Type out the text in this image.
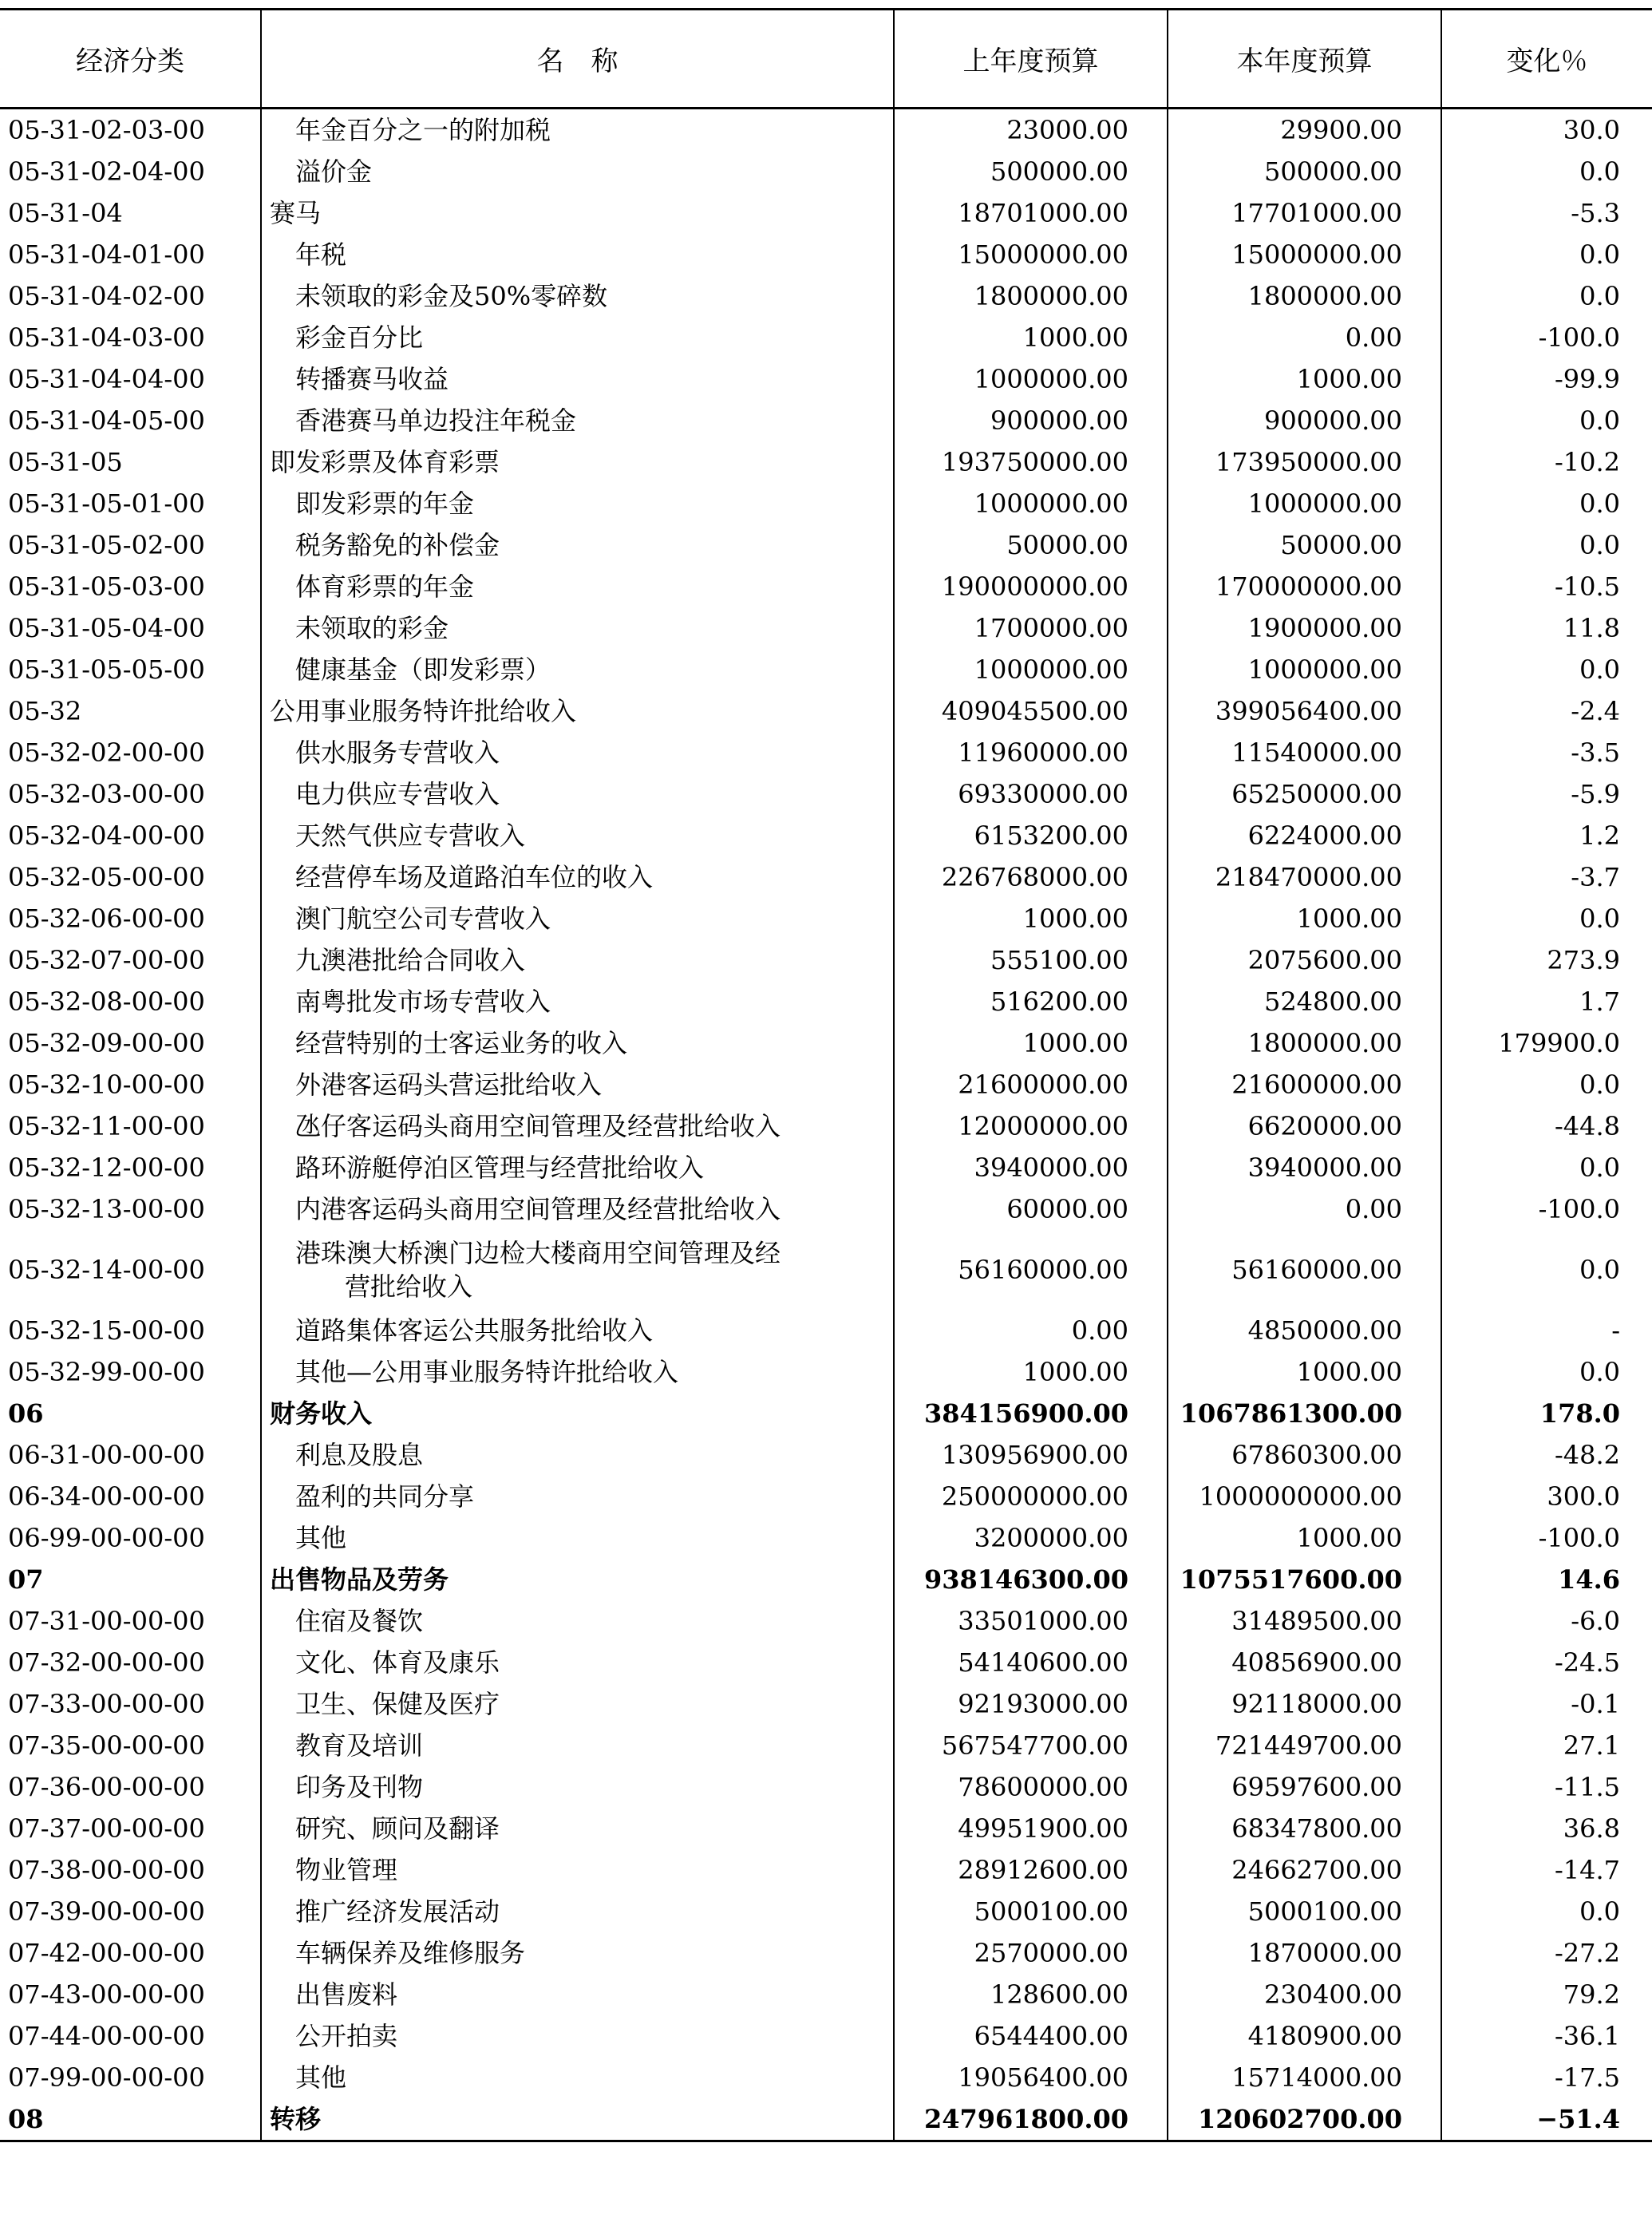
经济分类	名　称	上年度预算	本年度预算	变化％
05-31-02-03-00	年金百分之一的附加税	23000.00	29900.00	30.0
05-31-02-04-00	溢价金	500000.00	500000.00	0.0
05-31-04	赛马	18701000.00	17701000.00	-5.3
05-31-04-01-00	年税	15000000.00	15000000.00	0.0
05-31-04-02-00	未领取的彩金及50%零碎数	1800000.00	1800000.00	0.0
05-31-04-03-00	彩金百分比	1000.00	0.00	-100.0
05-31-04-04-00	转播赛马收益	1000000.00	1000.00	-99.9
05-31-04-05-00	香港赛马单边投注年税金	900000.00	900000.00	0.0
05-31-05	即发彩票及体育彩票	193750000.00	173950000.00	-10.2
05-31-05-01-00	即发彩票的年金	1000000.00	1000000.00	0.0
05-31-05-02-00	税务豁免的补偿金	50000.00	50000.00	0.0
05-31-05-03-00	体育彩票的年金	190000000.00	170000000.00	-10.5
05-31-05-04-00	未领取的彩金	1700000.00	1900000.00	11.8
05-31-05-05-00	健康基金（即发彩票）	1000000.00	1000000.00	0.0
05-32	公用事业服务特许批给收入	409045500.00	399056400.00	-2.4
05-32-02-00-00	供水服务专营收入	11960000.00	11540000.00	-3.5
05-32-03-00-00	电力供应专营收入	69330000.00	65250000.00	-5.9
05-32-04-00-00	天然气供应专营收入	6153200.00	6224000.00	1.2
05-32-05-00-00	经营停车场及道路泊车位的收入	226768000.00	218470000.00	-3.7
05-32-06-00-00	澳门航空公司专营收入	1000.00	1000.00	0.0
05-32-07-00-00	九澳港批给合同收入	555100.00	2075600.00	273.9
05-32-08-00-00	南粤批发市场专营收入	516200.00	524800.00	1.7
05-32-09-00-00	经营特别的士客运业务的收入	1000.00	1800000.00	179900.0
05-32-10-00-00	外港客运码头营运批给收入	21600000.00	21600000.00	0.0
05-32-11-00-00	氹仔客运码头商用空间管理及经营批给收入	12000000.00	6620000.00	-44.8
05-32-12-00-00	路环游艇停泊区管理与经营批给收入	3940000.00	3940000.00	0.0
05-32-13-00-00	内港客运码头商用空间管理及经营批给收入	60000.00	0.00	-100.0
05-32-14-00-00	港珠澳大桥澳门边检大楼商用空间管理及经
营批给收入	56160000.00	56160000.00	0.0
05-32-15-00-00	道路集体客运公共服务批给收入	0.00	4850000.00	-
05-32-99-00-00	其他—公用事业服务特许批给收入	1000.00	1000.00	0.0
06	财务收入	384156900.00	1067861300.00	178.0
06-31-00-00-00	利息及股息	130956900.00	67860300.00	-48.2
06-34-00-00-00	盈利的共同分享	250000000.00	1000000000.00	300.0
06-99-00-00-00	其他	3200000.00	1000.00	-100.0
07	出售物品及劳务	938146300.00	1075517600.00	14.6
07-31-00-00-00	住宿及餐饮	33501000.00	31489500.00	-6.0
07-32-00-00-00	文化、体育及康乐	54140600.00	40856900.00	-24.5
07-33-00-00-00	卫生、保健及医疗	92193000.00	92118000.00	-0.1
07-35-00-00-00	教育及培训	567547700.00	721449700.00	27.1
07-36-00-00-00	印务及刊物	78600000.00	69597600.00	-11.5
07-37-00-00-00	研究、顾问及翻译	49951900.00	68347800.00	36.8
07-38-00-00-00	物业管理	28912600.00	24662700.00	-14.7
07-39-00-00-00	推广经济发展活动	5000100.00	5000100.00	0.0
07-42-00-00-00	车辆保养及维修服务	2570000.00	1870000.00	-27.2
07-43-00-00-00	出售废料	128600.00	230400.00	79.2
07-44-00-00-00	公开拍卖	6544400.00	4180900.00	-36.1
07-99-00-00-00	其他	19056400.00	15714000.00	-17.5
08	转移	247961800.00	120602700.00	−51.4
